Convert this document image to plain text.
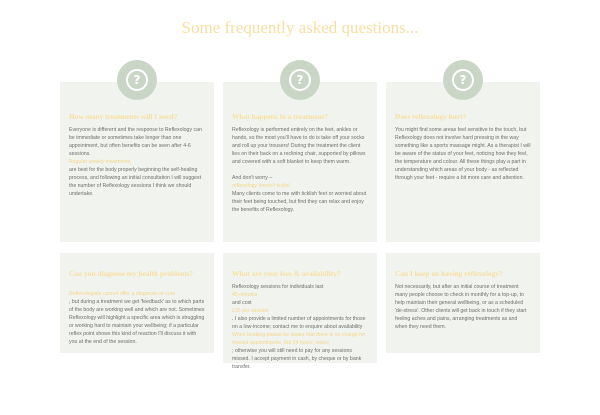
Some frequently asked questions...
?

How many treatments will I need?

Everyone is different and the response to Reflexology can be immediate or sometimes take longer than one appointment, but often benefits can be seen after 4-6 sessions.

Regular weekly treatments

are best for the body properly beginning the self-healing process, and following an initial consultation I will suggest the number of Reflexology sessions I think we should undertake.

?

What happens in a treatment?

Reflexology is performed entirely on the feet, ankles or hands, so the most you'll have to do is take off your socks and roll up your trousers! During the treatment the client lies on their back on a reclining chair, supported by pillows and covered with a soft blanket to keep them warm.

And don't worry –

reflexology doesn't tickle!

Many clients come to me with ticklish feet or worried about their feet being touched, but find they can relax and enjoy the benefits of Reflexology.

?

Does reflexology hurt?

You might find some areas feel sensitive to the touch, but Reflexology does not involve hard pressing in the way something like a sports massage might. As a therapist I will be aware of the status of your feet, noticing how they feel, the temperature and colour. All these things play a part in understanding which areas of your body - as reflected through your feet - require a bit more care and attention.

Can you diagnose my health problems?

Reflexologists cannot offer a diagnosis or cure

, but during a treatment we get 'feedback' as to which parts of the body are working well and which are not. Sometimes Reflexology will highlight a specific area which is struggling or working hard to maintain your wellbeing; if a particular reflex point shows this kind of reaction I'll discuss it with you at the end of the session.

What are your fees & availability?

Reflexology sessions for individuals last

45 minutes

and cost

£35 per session

. I also provide a limited number of appointments for those on a low-income; contact me to enquire about availability

When booking please be aware that there is no charge for missed appointments, but 24 hours' notice

; otherwise you will still need to pay for any sessions missed. I accept payment in cash, by cheque or by bank transfer.

Can I keep on having reflexology?

Not necessarily, but after an initial course of treatment many people choose to check in monthly for a top-up, to help maintain their general wellbeing, or as a scheduled 'de-stress'. Other clients will get back in touch if they start feeling aches and pains, arranging treatments as and when they need them.
